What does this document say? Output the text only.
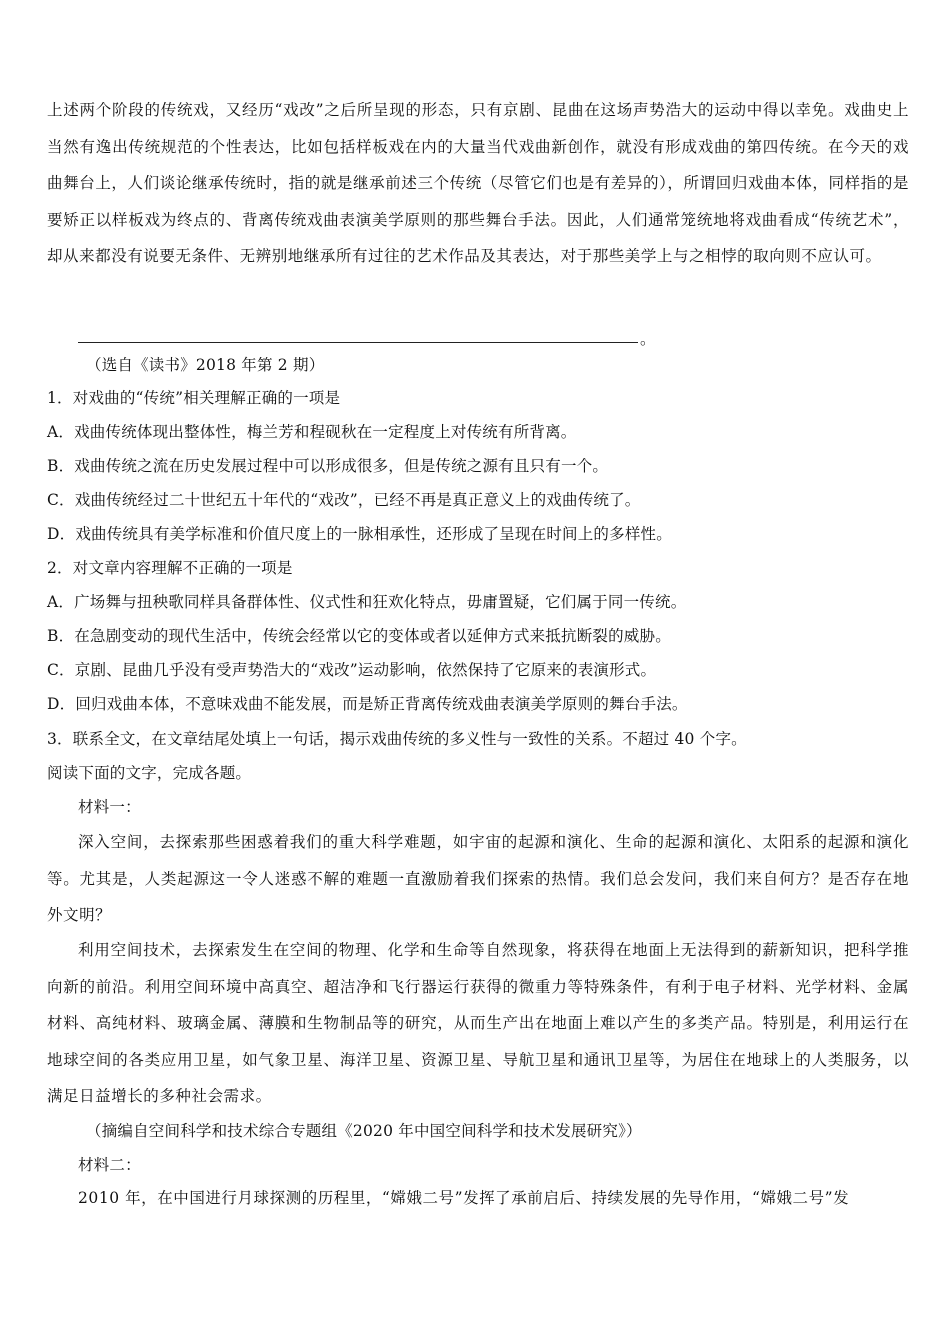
上述两个阶段的传统戏，又经历“戏改”之后所呈现的形态，只有京剧、昆曲在这场声势浩大的运动中得以幸免。戏曲史上当然有逸出传统规范的个性表达，比如包括样板戏在内的大量当代戏曲新创作，就没有形成戏曲的第四传统。在今天的戏曲舞台上，人们谈论继承传统时，指的就是继承前述三个传统（尽管它们也是有差异的），所谓回归戏曲本体，同样指的是要矫正以样板戏为终点的、背离传统戏曲表演美学原则的那些舞台手法。因此，人们通常笼统地将戏曲看成“传统艺术”，却从来都没有说要无条件、无辨别地继承所有过往的艺术作品及其表达，对于那些美学上与之相悖的取向则不应认可。

。

（选自《读书》2018 年第 2 期）

1．对戏曲的“传统”相关理解正确的一项是

A．戏曲传统体现出整体性，梅兰芳和程砚秋在一定程度上对传统有所背离。

B．戏曲传统之流在历史发展过程中可以形成很多，但是传统之源有且只有一个。

C．戏曲传统经过二十世纪五十年代的“戏改”，已经不再是真正意义上的戏曲传统了。

D．戏曲传统具有美学标准和价值尺度上的一脉相承性，还形成了呈现在时间上的多样性。

2．对文章内容理解不正确的一项是

A．广场舞与扭秧歌同样具备群体性、仪式性和狂欢化特点，毋庸置疑，它们属于同一传统。

B．在急剧变动的现代生活中，传统会经常以它的变体或者以延伸方式来抵抗断裂的威胁。

C．京剧、昆曲几乎没有受声势浩大的“戏改”运动影响，依然保持了它原来的表演形式。

D．回归戏曲本体，不意味戏曲不能发展，而是矫正背离传统戏曲表演美学原则的舞台手法。

3．联系全文，在文章结尾处填上一句话，揭示戏曲传统的多义性与一致性的关系。不超过 40 个字。

阅读下面的文字，完成各题。

材料一：

深入空间，去探索那些困惑着我们的重大科学难题，如宇宙的起源和演化、生命的起源和演化、太阳系的起源和演化等。尤其是，人类起源这一令人迷惑不解的难题一直激励着我们探索的热情。我们总会发问，我们来自何方？是否存在地外文明？

利用空间技术，去探索发生在空间的物理、化学和生命等自然现象，将获得在地面上无法得到的薪新知识，把科学推向新的前沿。利用空间环境中高真空、超洁净和飞行器运行获得的微重力等特殊条件，有利于电子材料、光学材料、金属材料、高纯材料、玻璃金属、薄膜和生物制品等的研究，从而生产出在地面上难以产生的多类产品。特别是，利用运行在地球空间的各类应用卫星，如气象卫星、海洋卫星、资源卫星、导航卫星和通讯卫星等，为居住在地球上的人类服务，以满足日益增长的多种社会需求。

（摘编自空间科学和技术综合专题组《2020 年中国空间科学和技术发展研究》）

材料二：

2010 年，在中国进行月球探测的历程里，“嫦娥二号”发挥了承前启后、持续发展的先导作用，“嫦娥二号”发
